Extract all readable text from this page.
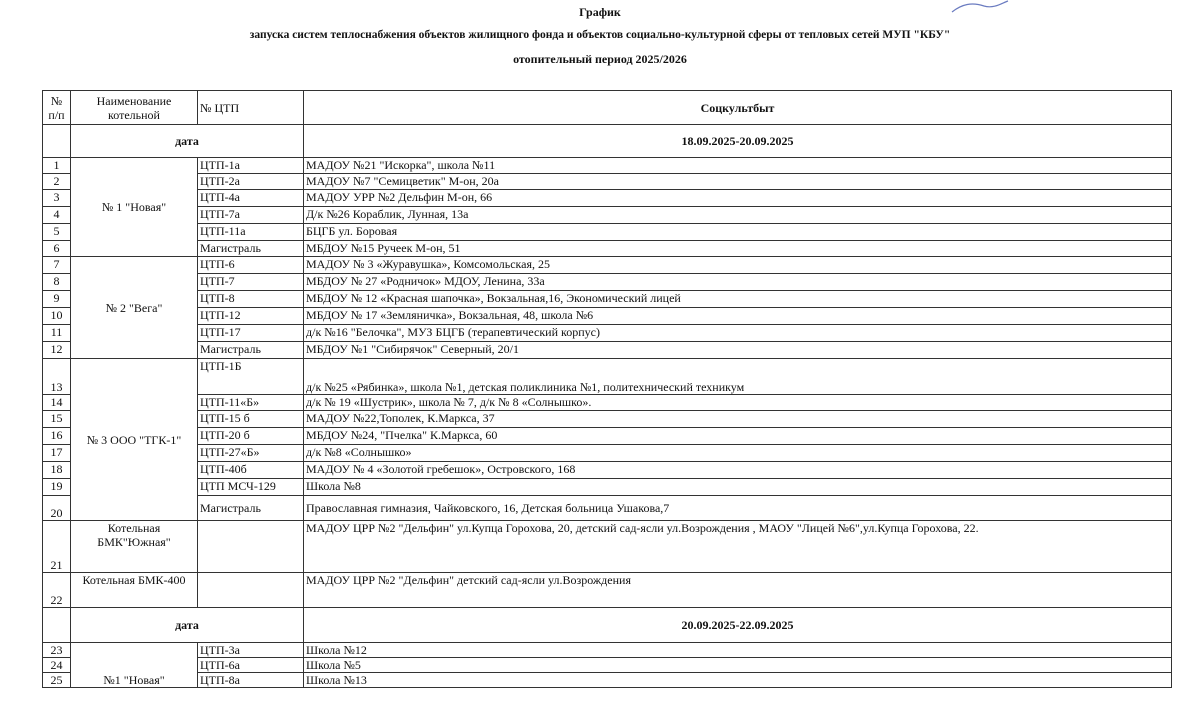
График
запуска систем теплоснабжения объектов жилищного фонда и объектов социально-культурной сферы от тепловых сетей МУП "КБУ"
отопительный период 2025/2026
№ п/п	Наименование котельной	№ ЦТП	Соцкультбыт
	дата		18.09.2025-20.09.2025
1	№ 1 "Новая"	ЦТП-1а	МАДОУ №21 "Искорка", школа №11
2		ЦТП-2а	МАДОУ №7 "Семицветик" М-он, 20а
3		ЦТП-4а	МАДОУ УРР №2 Дельфин М-он, 66
4		ЦТП-7а	Д/к №26 Кораблик, Лунная, 13а
5		ЦТП-11а	БЦГБ ул. Боровая
6		Магистраль	МБДОУ №15 Ручеек М-он, 51
7	№ 2 "Вега"	ЦТП-6	МАДОУ № 3 «Журавушка», Комсомольская, 25
8		ЦТП-7	МБДОУ № 27 «Родничок» МДОУ, Ленина, 33а
9		ЦТП-8	МБДОУ № 12 «Красная шапочка», Вокзальная,16, Экономический лицей
10		ЦТП-12	МБДОУ № 17 «Земляничка», Вокзальная, 48, школа №6
11		ЦТП-17	д/к №16 "Белочка", МУЗ БЦГБ (терапевтический корпус)
12		Магистраль	МБДОУ №1 "Сибирячок" Северный, 20/1
13	№ 3 ООО "ТГК-1"	ЦТП-1Б	д/к №25 «Рябинка», школа №1, детская поликлиника №1, политехнический техникум
14		ЦТП-11«Б»	д/к № 19 «Шустрик», школа № 7, д/к № 8 «Солнышко».
15		ЦТП-15 б	МАДОУ №22,Тополек, К.Маркса, 37
16		ЦТП-20 б	МБДОУ №24, "Пчелка" К.Маркса, 60
17		ЦТП-27«Б»	д/к №8 «Солнышко»
18		ЦТП-40б	МАДОУ № 4 «Золотой гребешок», Островского, 168
19		ЦТП МСЧ-129	Школа №8
20		Магистраль	Православная гимназия, Чайковского, 16, Детская больница Ушакова,7
21	Котельная БМК"Южная"		МАДОУ ЦРР №2 "Дельфин" ул.Купца Горохова, 20, детский сад-ясли ул.Возрождения , МАОУ "Лицей №6",ул.Купца Горохова, 22.
22	Котельная БМК-400		МАДОУ ЦРР №2 "Дельфин" детский сад-ясли ул.Возрождения
	дата		20.09.2025-22.09.2025
23	№1 "Новая"	ЦТП-3а	Школа №12
24		ЦТП-6а	Школа №5
25		ЦТП-8а	Школа №13
